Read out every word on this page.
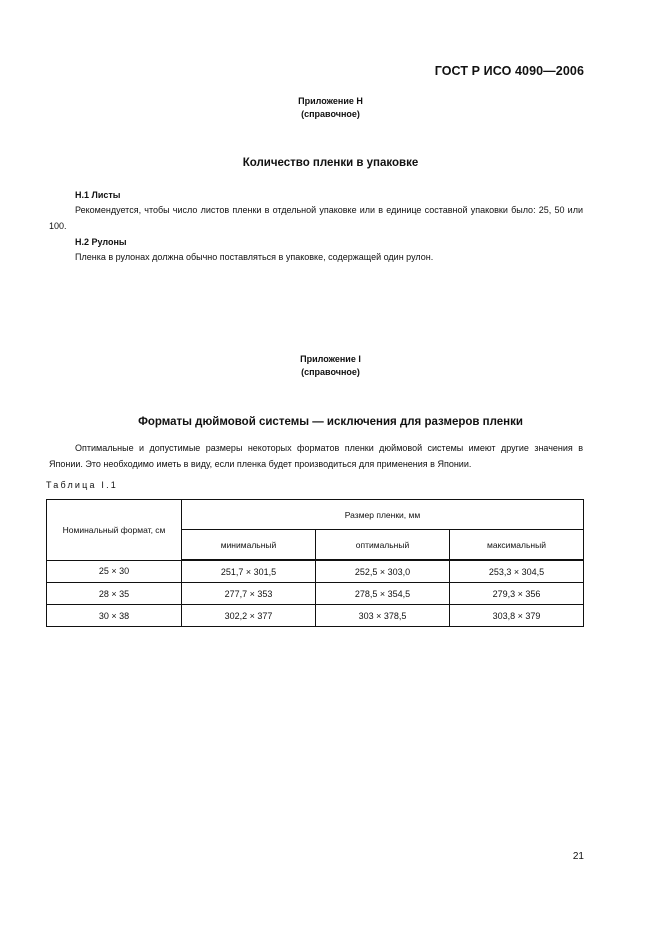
ГОСТ Р ИСО 4090—2006
Приложение Н
(справочное)
Количество пленки в упаковке
Н.1 Листы
Рекомендуется, чтобы число листов пленки в отдельной упаковке или в единице составной упаковки было: 25, 50 или 100.
Н.2 Рулоны
Пленка в рулонах должна обычно поставляться в упаковке, содержащей один рулон.
Приложение I
(справочное)
Форматы дюймовой системы — исключения для размеров пленки
Оптимальные и допустимые размеры некоторых форматов пленки дюймовой системы имеют другие значения в Японии. Это необходимо иметь в виду, если пленка будет производиться для применения в Японии.
Таблица I.1
Номинальный формат, см	Размер пленки, мм		
	минимальный	оптимальный	максимальный
25 × 30	251,7 × 301,5	252,5 × 303,0	253,3 × 304,5
28 × 35	277,7 × 353	278,5 × 354,5	279,3 × 356
30 × 38	302,2 × 377	303 × 378,5	303,8 × 379
21
